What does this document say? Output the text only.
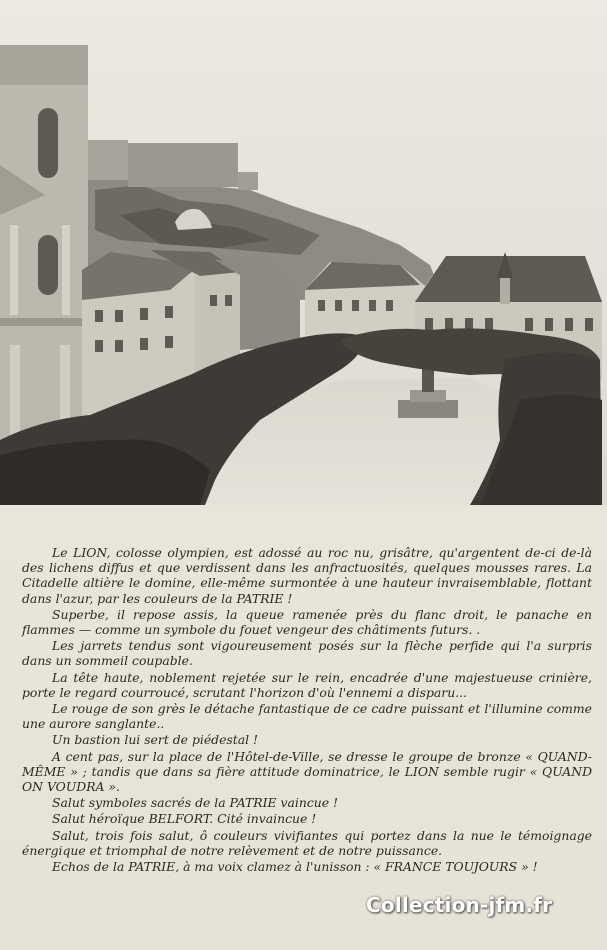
Le LION, colosse olympien, est adossé au roc nu, grisâtre, qu'argentent de-ci de-là des lichens diffus et que verdissent dans les anfractuosités, quelques mousses rares. La Citadelle altière le domine, elle-même surmontée à une hauteur invraisemblable, flottant dans l'azur, par les couleurs de la PATRIE !

Superbe, il repose assis, la queue ramenée près du flanc droit, le panache en flammes — comme un symbole du fouet vengeur des châtiments futurs. .

Les jarrets tendus sont vigoureusement posés sur la flèche perfide qui l'a surpris dans un sommeil coupable.

La tête haute, noblement rejetée sur le rein, encadrée d'une majestueuse crinière, porte le regard courroucé, scrutant l'horizon d'où l'ennemi a disparu...

Le rouge de son grès le détache fantastique de ce cadre puissant et l'illumine comme une aurore sanglante..

Un bastion lui sert de piédestal !

A cent pas, sur la place de l'Hôtel-de-Ville, se dresse le groupe de bronze « QUAND-MÊME » ; tandis que dans sa fière attitude dominatrice, le LION semble rugir « QUAND ON VOUDRA ».

Salut symboles sacrés de la PATRIE vaincue !

Salut héroïque BELFORT. Cité invaincue !

Salut, trois fois salut, ô couleurs vivifiantes qui portez dans la nue le témoignage énergique et triomphal de notre relèvement et de notre puissance.

Echos de la PATRIE, à ma voix clamez à l'unisson : « FRANCE TOUJOURS » !

Collection-jfm.fr
